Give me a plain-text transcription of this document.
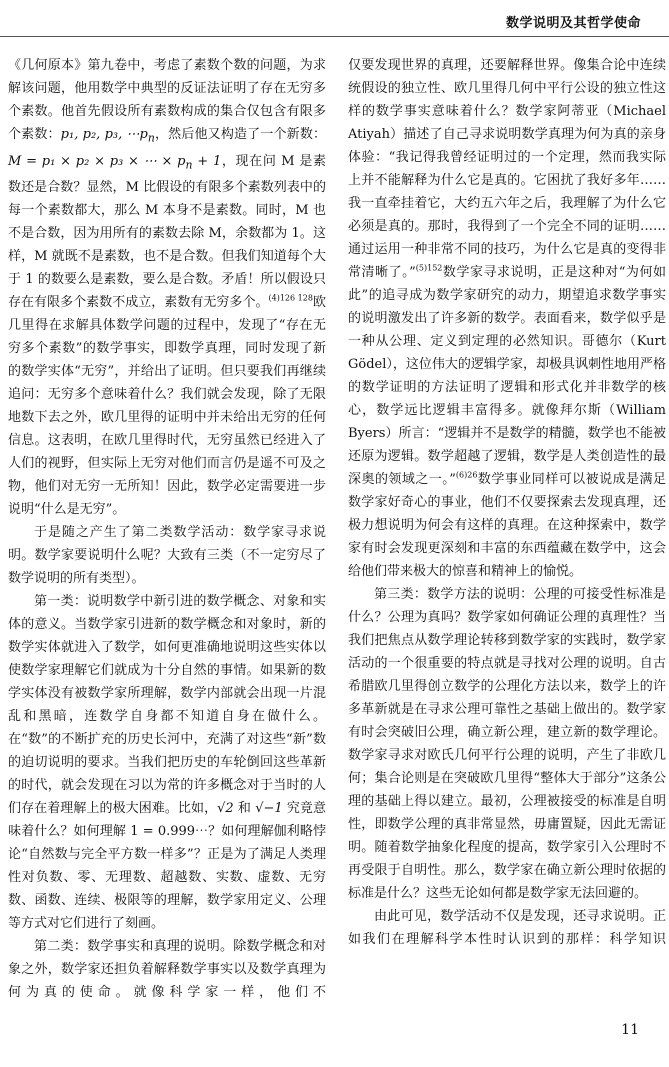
数学说明及其哲学使命

《几何原本》第九卷中，考虑了素数个数的问题，为求解该问题，他用数学中典型的反证法证明了存在无穷多个素数。他首先假设所有素数构成的集合仅包含有限多个素数：p₁, p₂, p₃, $\cdots p_n$，然后他又构造了一个新数：M = p₁ × p₂ × p₃ × ⋯ × $p_n + 1$，现在问 M 是素数还是合数？显然，M 比假设的有限多个素数列表中的每一个素数都大，那么 M 本身不是素数。同时，M 也不是合数，因为用所有的素数去除 M，余数都为 1。这样，M 就既不是素数，也不是合数。但我们知道每个大于 1 的数要么是素数，要么是合数。矛盾！所以假设只存在有限多个素数不成立，素数有无穷多个。$^{(4)126 128}$欧几里得在求解具体数学问题的过程中，发现了“存在无穷多个素数”的数学事实，即数学真理，同时发现了新的数学实体“无穷”，并给出了证明。但只要我们再继续追问：无穷多个意味着什么？我们就会发现，除了无限地数下去之外，欧几里得的证明中并未给出无穷的任何信息。这表明，在欧几里得时代，无穷虽然已经进入了人们的视野，但实际上无穷对他们而言仍是遥不可及之物，他们对无穷一无所知！因此，数学必定需要进一步说明“什么是无穷”。

于是随之产生了第二类数学活动：数学家寻求说明。数学家要说明什么呢？大致有三类（不一定穷尽了数学说明的所有类型）。

第一类：说明数学中新引进的数学概念、对象和实体的意义。当数学家引进新的数学概念和对象时，新的数学实体就进入了数学，如何更准确地说明这些实体以使数学家理解它们就成为十分自然的事情。如果新的数学实体没有被数学家所理解，数学内部就会出现一片混乱和黑暗，连数学自身都不知道自身在做什么。在“数”的不断扩充的历史长河中，充满了对这些“新”数的迫切说明的要求。当我们把历史的车轮倒回这些革新的时代，就会发现在习以为常的许多概念对于当时的人们存在着理解上的极大困难。比如，√2 和 √−1 究竟意味着什么？如何理解 1 = 0.999⋯？如何理解伽利略悖论“自然数与完全平方数一样多”？正是为了满足人类理性对负数、零、无理数、超越数、实数、虚数、无穷数、函数、连续、极限等的理解，数学家用定义、公理等方式对它们进行了刻画。

第二类：数学事实和真理的说明。除数学概念和对象之外，数学家还担负着解释数学事实以及数学真理为何为真的使命。就像科学家一样，他们不

仅要发现世界的真理，还要解释世界。像集合论中连续统假设的独立性、欧几里得几何中平行公设的独立性这样的数学事实意味着什么？数学家阿蒂亚（Michael Atiyah）描述了自己寻求说明数学真理为何为真的亲身体验：“我记得我曾经证明过的一个定理，然而我实际上并不能解释为什么它是真的。它困扰了我好多年……我一直牵挂着它，大约五六年之后，我理解了为什么它必须是真的。那时，我得到了一个完全不同的证明……通过运用一种非常不同的技巧，为什么它是真的变得非常清晰了。”$^{(5)152}$数学家寻求说明，正是这种对“为何如此”的追寻成为数学家研究的动力，期望追求数学事实的说明激发出了许多新的数学。表面看来，数学似乎是一种从公理、定义到定理的必然知识。哥德尔（Kurt Gödel），这位伟大的逻辑学家，却极具讽刺性地用严格的数学证明的方法证明了逻辑和形式化并非数学的核心，数学远比逻辑丰富得多。就像拜尔斯（William Byers）所言：“逻辑并不是数学的精髓，数学也不能被还原为逻辑。数学超越了逻辑，数学是人类创造性的最深奥的领域之一。”$^{(6)26}$数学事业同样可以被说成是满足数学家好奇心的事业，他们不仅要探索去发现真理，还极力想说明为何会有这样的真理。在这种探索中，数学家有时会发现更深刻和丰富的东西蕴藏在数学中，这会给他们带来极大的惊喜和精神上的愉悦。

第三类：数学方法的说明：公理的可接受性标准是什么？公理为真吗？数学家如何确证公理的真理性？当我们把焦点从数学理论转移到数学家的实践时，数学家活动的一个很重要的特点就是寻找对公理的说明。自古希腊欧几里得创立数学的公理化方法以来，数学上的许多革新就是在寻求公理可靠性之基础上做出的。数学家有时会突破旧公理，确立新公理，建立新的数学理论。数学家寻求对欧氏几何平行公理的说明，产生了非欧几何；集合论则是在突破欧几里得“整体大于部分”这条公理的基础上得以建立。最初，公理被接受的标准是自明性，即数学公理的真非常显然，毋庸置疑，因此无需证明。随着数学抽象化程度的提高，数学家引入公理时不再受限于自明性。那么，数学家在确立新公理时依据的标准是什么？这些无论如何都是数学家无法回避的。

由此可见，数学活动不仅是发现，还寻求说明。正如我们在理解科学本性时认识到的那样：科学知识

11
